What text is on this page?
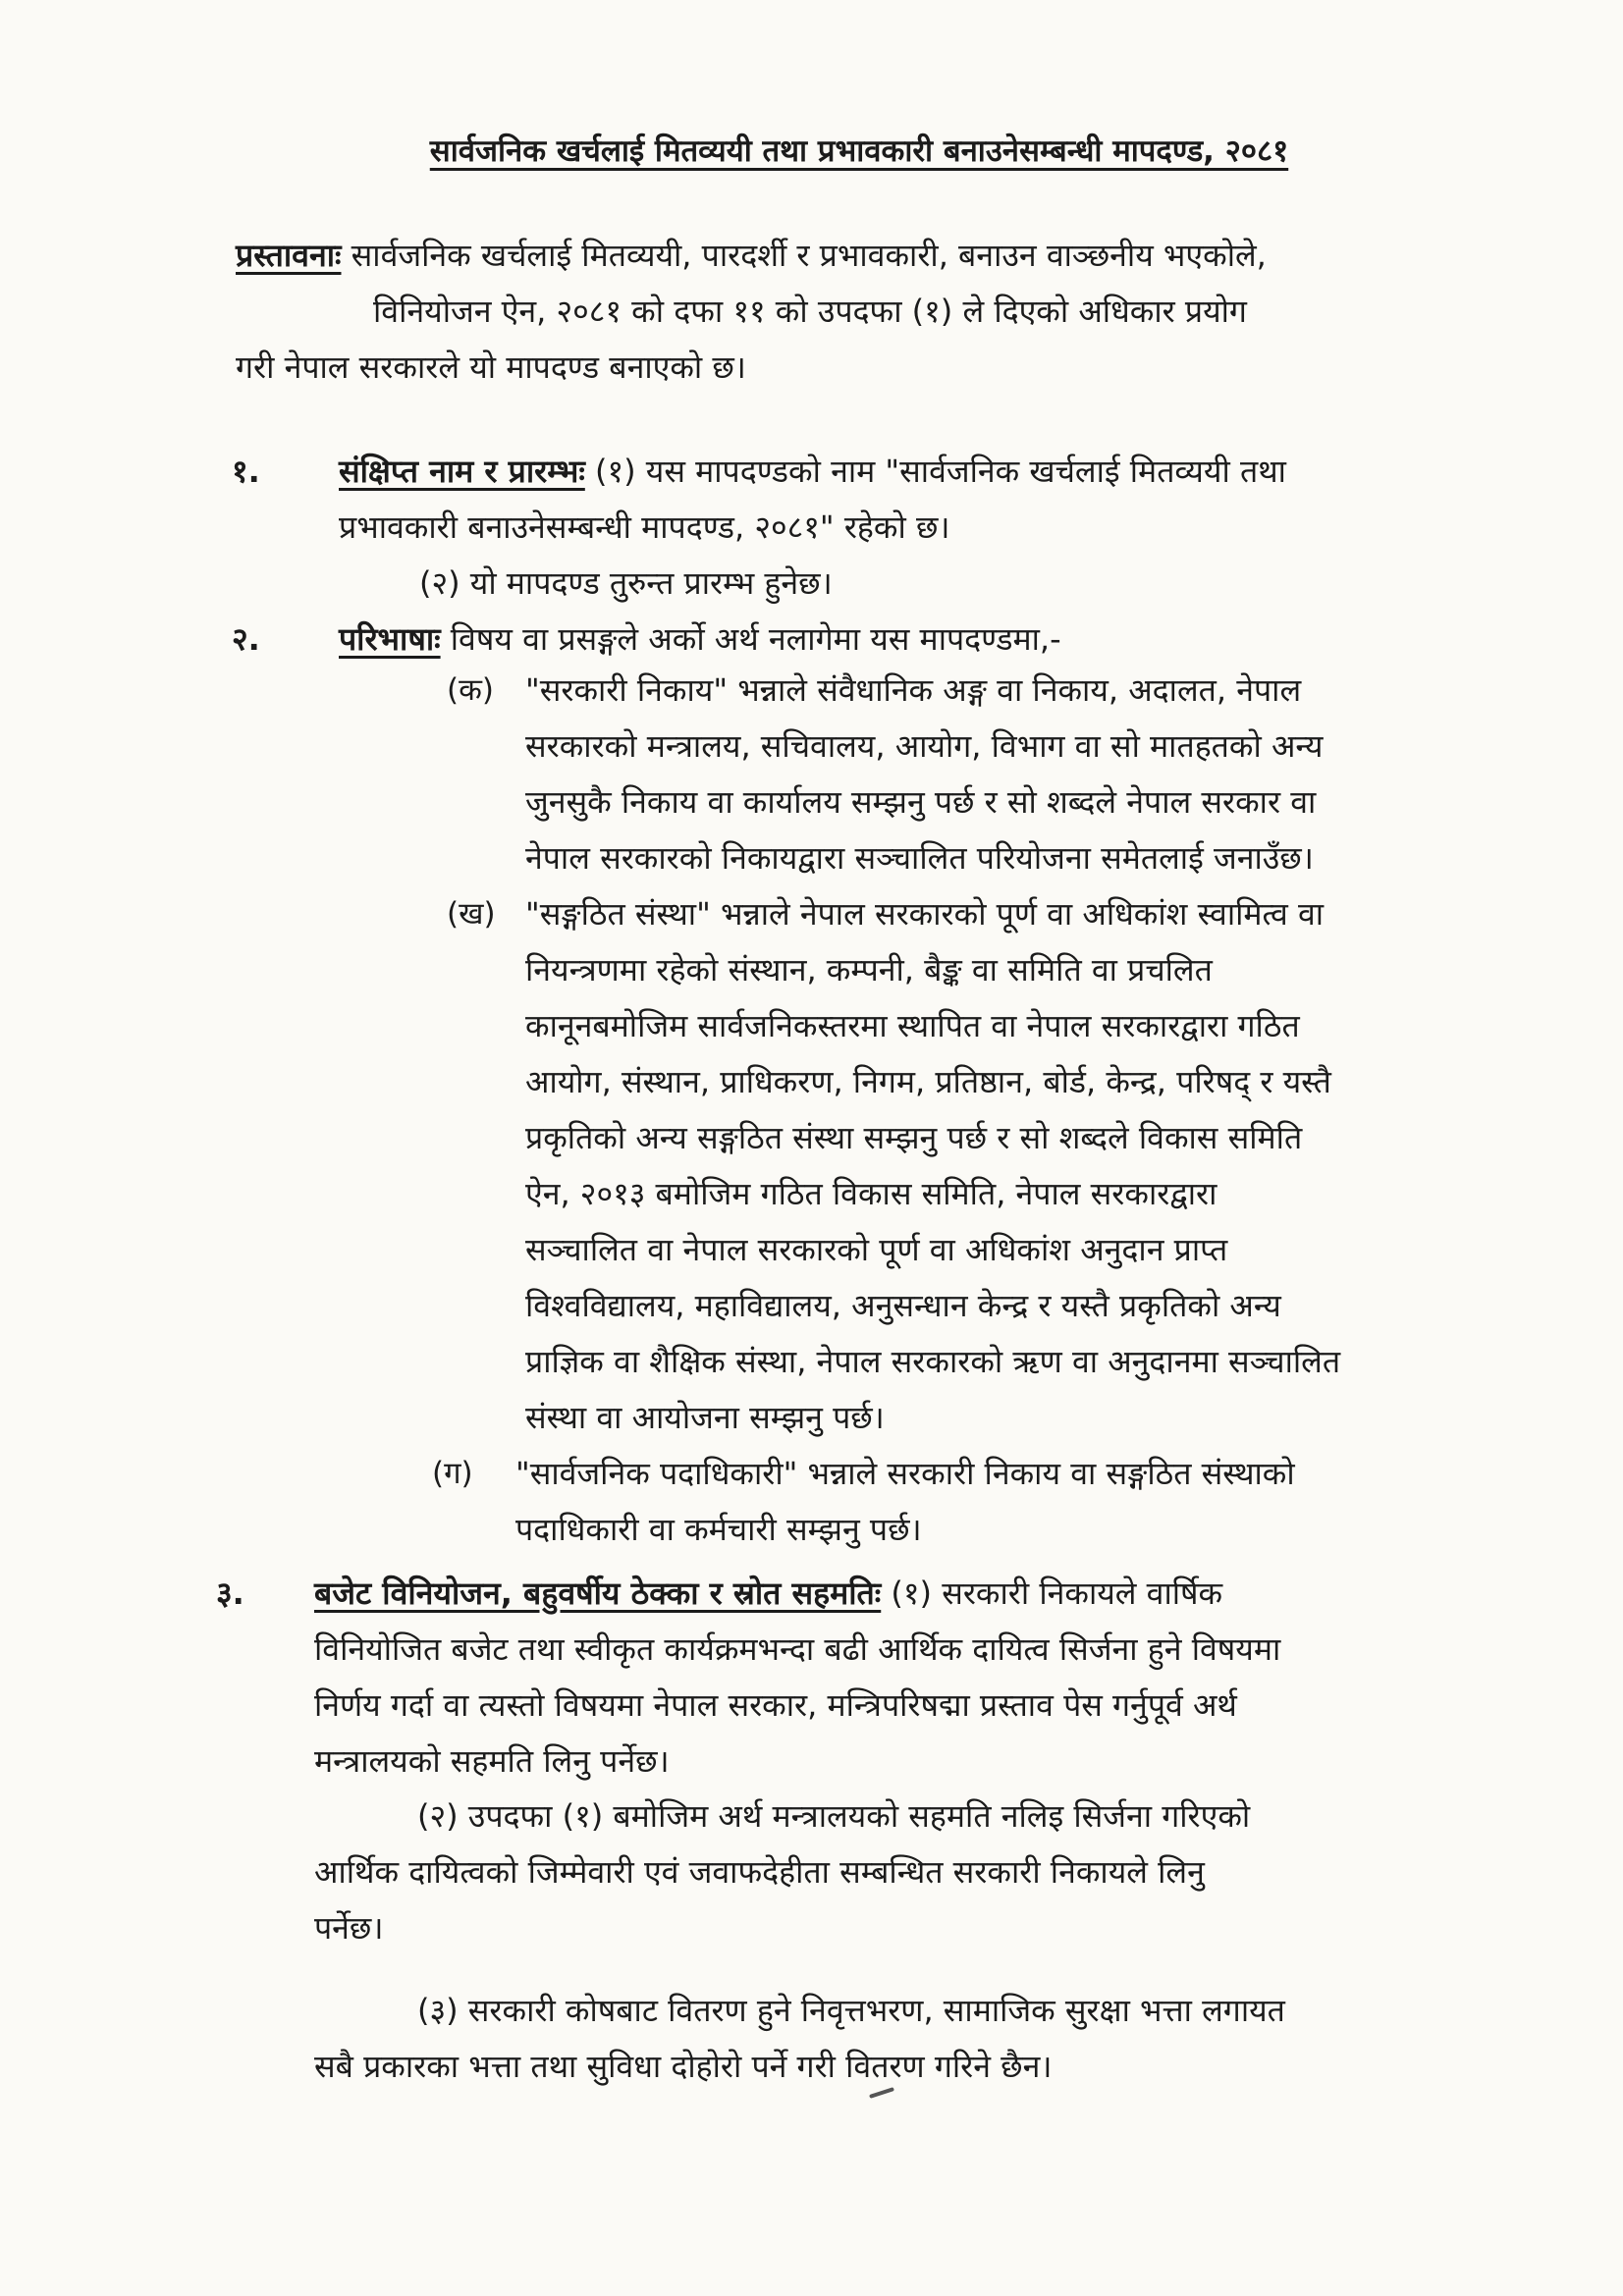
सार्वजनिक खर्चलाई मितव्ययी तथा प्रभावकारी बनाउनेसम्बन्धी मापदण्ड, २०८१
प्रस्तावनाः सार्वजनिक खर्चलाई मितव्ययी, पारदर्शी र प्रभावकारी, बनाउन वाञ्छनीय भएकोले,
विनियोजन ऐन, २०८१ को दफा ११ को उपदफा (१) ले दिएको अधिकार प्रयोग
गरी नेपाल सरकारले यो मापदण्ड बनाएको छ।
१.	संक्षिप्त नाम र प्रारम्भः (१) यस मापदण्डको नाम "सार्वजनिक खर्चलाई मितव्ययी तथा
प्रभावकारी बनाउनेसम्बन्धी मापदण्ड, २०८१" रहेको छ।
(२) यो मापदण्ड तुरुन्त प्रारम्भ हुनेछ।
२.	परिभाषाः विषय वा प्रसङ्गले अर्को अर्थ नलागेमा यस मापदण्डमा,-
(क) "सरकारी निकाय" भन्नाले संवैधानिक अङ्ग वा निकाय, अदालत, नेपाल
सरकारको मन्त्रालय, सचिवालय, आयोग, विभाग वा सो मातहतको अन्य
जुनसुकै निकाय वा कार्यालय सम्झनु पर्छ र सो शब्दले नेपाल सरकार वा
नेपाल सरकारको निकायद्वारा सञ्चालित परियोजना समेतलाई जनाउँछ।
(ख) "सङ्गठित संस्था" भन्नाले नेपाल सरकारको पूर्ण वा अधिकांश स्वामित्व वा
नियन्त्रणमा रहेको संस्थान, कम्पनी, बैङ्क वा समिति वा प्रचलित
कानूनबमोजिम सार्वजनिकस्तरमा स्थापित वा नेपाल सरकारद्वारा गठित
आयोग, संस्थान, प्राधिकरण, निगम, प्रतिष्ठान, बोर्ड, केन्द्र, परिषद् र यस्तै
प्रकृतिको अन्य सङ्गठित संस्था सम्झनु पर्छ र सो शब्दले विकास समिति
ऐन, २०१३ बमोजिम गठित विकास समिति, नेपाल सरकारद्वारा
सञ्चालित वा नेपाल सरकारको पूर्ण वा अधिकांश अनुदान प्राप्त
विश्वविद्यालय, महाविद्यालय, अनुसन्धान केन्द्र र यस्तै प्रकृतिको अन्य
प्राज्ञिक वा शैक्षिक संस्था, नेपाल सरकारको ऋण वा अनुदानमा सञ्चालित
संस्था वा आयोजना सम्झनु पर्छ।
(ग) "सार्वजनिक पदाधिकारी" भन्नाले सरकारी निकाय वा सङ्गठित संस्थाको
पदाधिकारी वा कर्मचारी सम्झनु पर्छ।
३. बजेट विनियोजन, बहुवर्षीय ठेक्का र स्रोत सहमतिः (१) सरकारी निकायले वार्षिक
विनियोजित बजेट तथा स्वीकृत कार्यक्रमभन्दा बढी आर्थिक दायित्व सिर्जना हुने विषयमा
निर्णय गर्दा वा त्यस्तो विषयमा नेपाल सरकार, मन्त्रिपरिषद्मा प्रस्ताव पेस गर्नुपूर्व अर्थ
मन्त्रालयको सहमति लिनु पर्नेछ।
(२) उपदफा (१) बमोजिम अर्थ मन्त्रालयको सहमति नलिइ सिर्जना गरिएको
आर्थिक दायित्वको जिम्मेवारी एवं जवाफदेहीता सम्बन्धित सरकारी निकायले लिनु
पर्नेछ।
(३) सरकारी कोषबाट वितरण हुने निवृत्तभरण, सामाजिक सुरक्षा भत्ता लगायत
सबै प्रकारका भत्ता तथा सुविधा दोहोरो पर्ने गरी वितरण गरिने छैन।
